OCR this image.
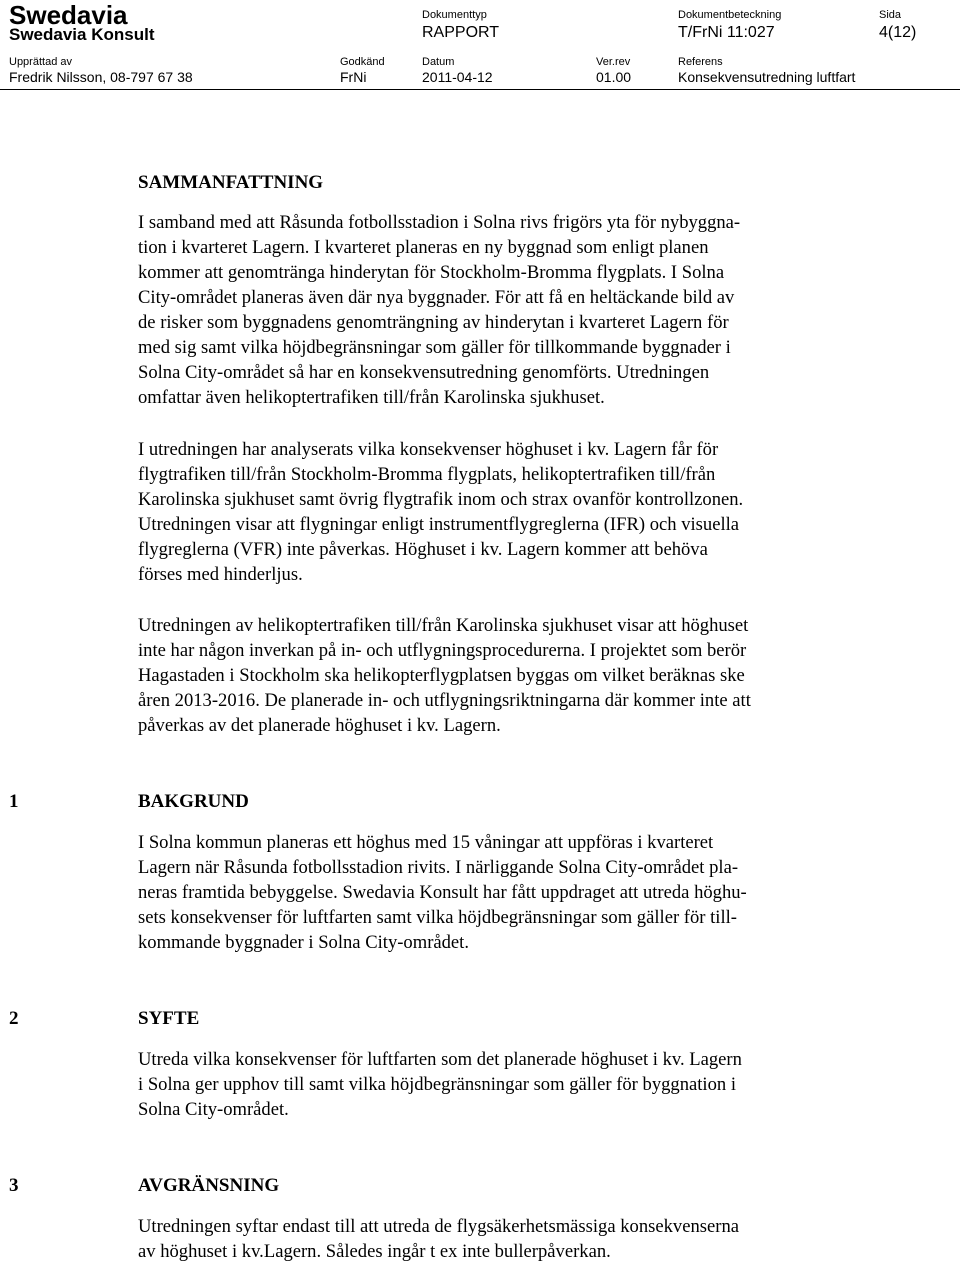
Swedavia
Swedavia Konsult
Dokumenttyp
RAPPORT
Dokumentbeteckning
T/FrNi 11:027
Sida
4(12)
Upprättad av
Fredrik Nilsson, 08-797 67 38
Godkänd
FrNi
Datum
2011-04-12
Ver.rev
01.00
Referens
Konsekvensutredning luftfart
SAMMANFATTNING
I samband med att Råsunda fotbollsstadion i Solna rivs frigörs yta för nybyggna-
tion i kvarteret Lagern. I kvarteret planeras en ny byggnad som enligt planen
kommer att genomtränga hinderytan för Stockholm-Bromma flygplats. I Solna
City-området planeras även där nya byggnader. För att få en heltäckande bild av
de risker som byggnadens genomträngning av hinderytan i kvarteret Lagern för
med sig samt vilka höjdbegränsningar som gäller för tillkommande byggnader i
Solna City-området så har en konsekvensutredning genomförts. Utredningen
omfattar även helikoptertrafiken till/från Karolinska sjukhuset.
I utredningen har analyserats vilka konsekvenser höghuset i kv. Lagern får för
flygtrafiken till/från Stockholm-Bromma flygplats, helikoptertrafiken till/från
Karolinska sjukhuset samt övrig flygtrafik inom och strax ovanför kontrollzonen.
Utredningen visar att flygningar enligt instrumentflygreglerna (IFR) och visuella
flygreglerna (VFR) inte påverkas. Höghuset i kv. Lagern kommer att behöva
förses med hinderljus.
Utredningen av helikoptertrafiken till/från Karolinska sjukhuset visar att höghuset
inte har någon inverkan på in- och utflygningsprocedurerna. I projektet som berör
Hagastaden i Stockholm ska helikopterflygplatsen byggas om vilket beräknas ske
åren 2013-2016. De planerade in- och utflygningsriktningarna där kommer inte att
påverkas av det planerade höghuset i kv. Lagern.
1	BAKGRUND
I Solna kommun planeras ett höghus med 15 våningar att uppföras i kvarteret
Lagern när Råsunda fotbollsstadion rivits. I närliggande Solna City-området pla-
neras framtida bebyggelse. Swedavia Konsult har fått uppdraget att utreda höghu-
sets konsekvenser för luftfarten samt vilka höjdbegränsningar som gäller för till-
kommande byggnader i Solna City-området.
2	SYFTE
Utreda vilka konsekvenser för luftfarten som det planerade höghuset i kv. Lagern
i Solna ger upphov till samt vilka höjdbegränsningar som gäller för byggnation i
Solna City-området.
3	AVGRÄNSNING
Utredningen syftar endast till att utreda de flygsäkerhetsmässiga konsekvenserna
av höghuset i kv.Lagern. Således ingår t ex inte bullerpåverkan.
